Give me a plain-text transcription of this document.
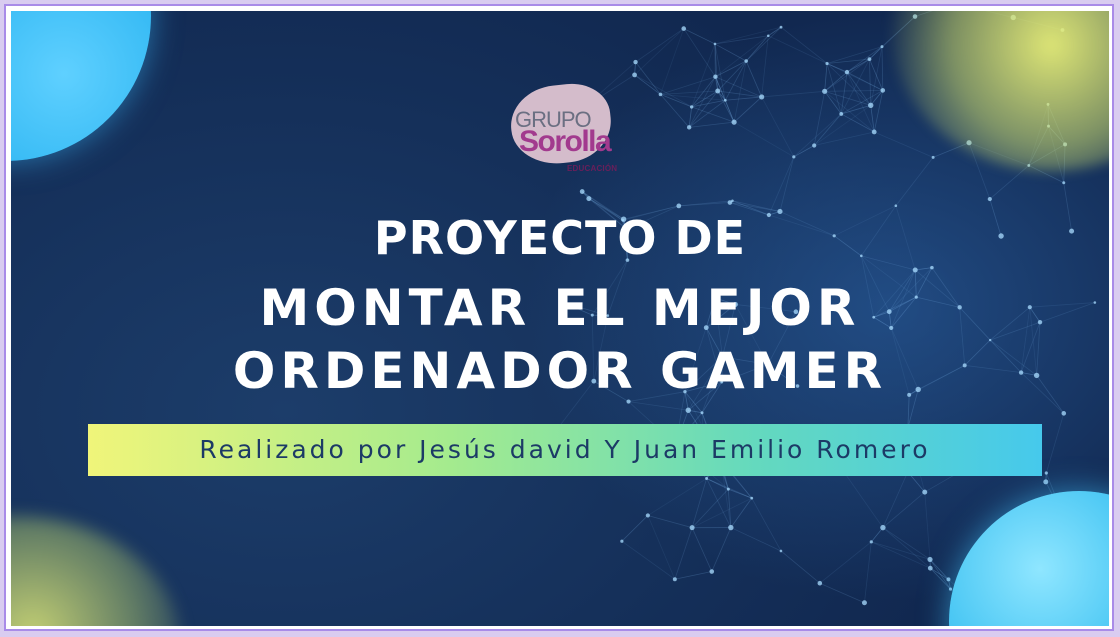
GRUPO
Sorolla
EDUCACIÓN
PROYECTO DE
MONTAR EL MEJOR
ORDENADOR GAMER
Realizado por Jesús david Y Juan Emilio Romero
